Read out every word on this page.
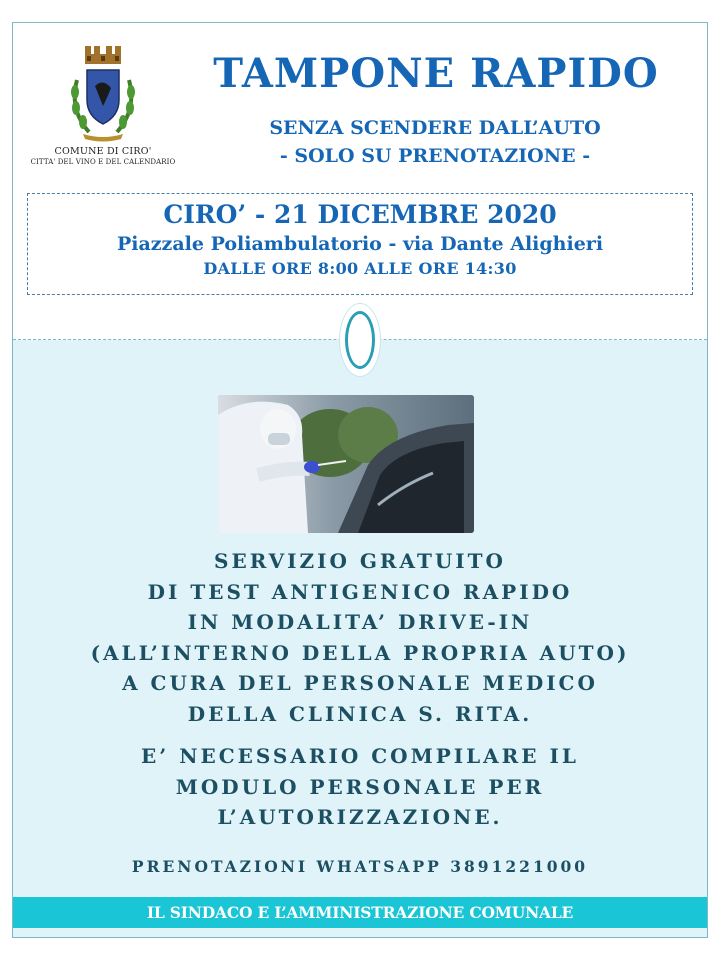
COMUNE DI CIRO'
CITTA' DEL VINO E DEL CALENDARIO
TAMPONE RAPIDO
SENZA SCENDERE DALL’AUTO
- SOLO SU PRENOTAZIONE -
CIRO’ - 21 DICEMBRE 2020
Piazzale Poliambulatorio - via Dante Alighieri
DALLE ORE 8:00 ALLE ORE 14:30
SERVIZIO GRATUITO
DI TEST ANTIGENICO RAPIDO
IN MODALITA’ DRIVE-IN
(ALL’INTERNO DELLA PROPRIA AUTO)
A CURA DEL PERSONALE MEDICO
DELLA CLINICA S. RITA.
E’ NECESSARIO COMPILARE IL
MODULO PERSONALE PER
L’AUTORIZZAZIONE.
PRENOTAZIONI WHATSAPP 3891221000
IL SINDACO E L’AMMINISTRAZIONE COMUNALE
